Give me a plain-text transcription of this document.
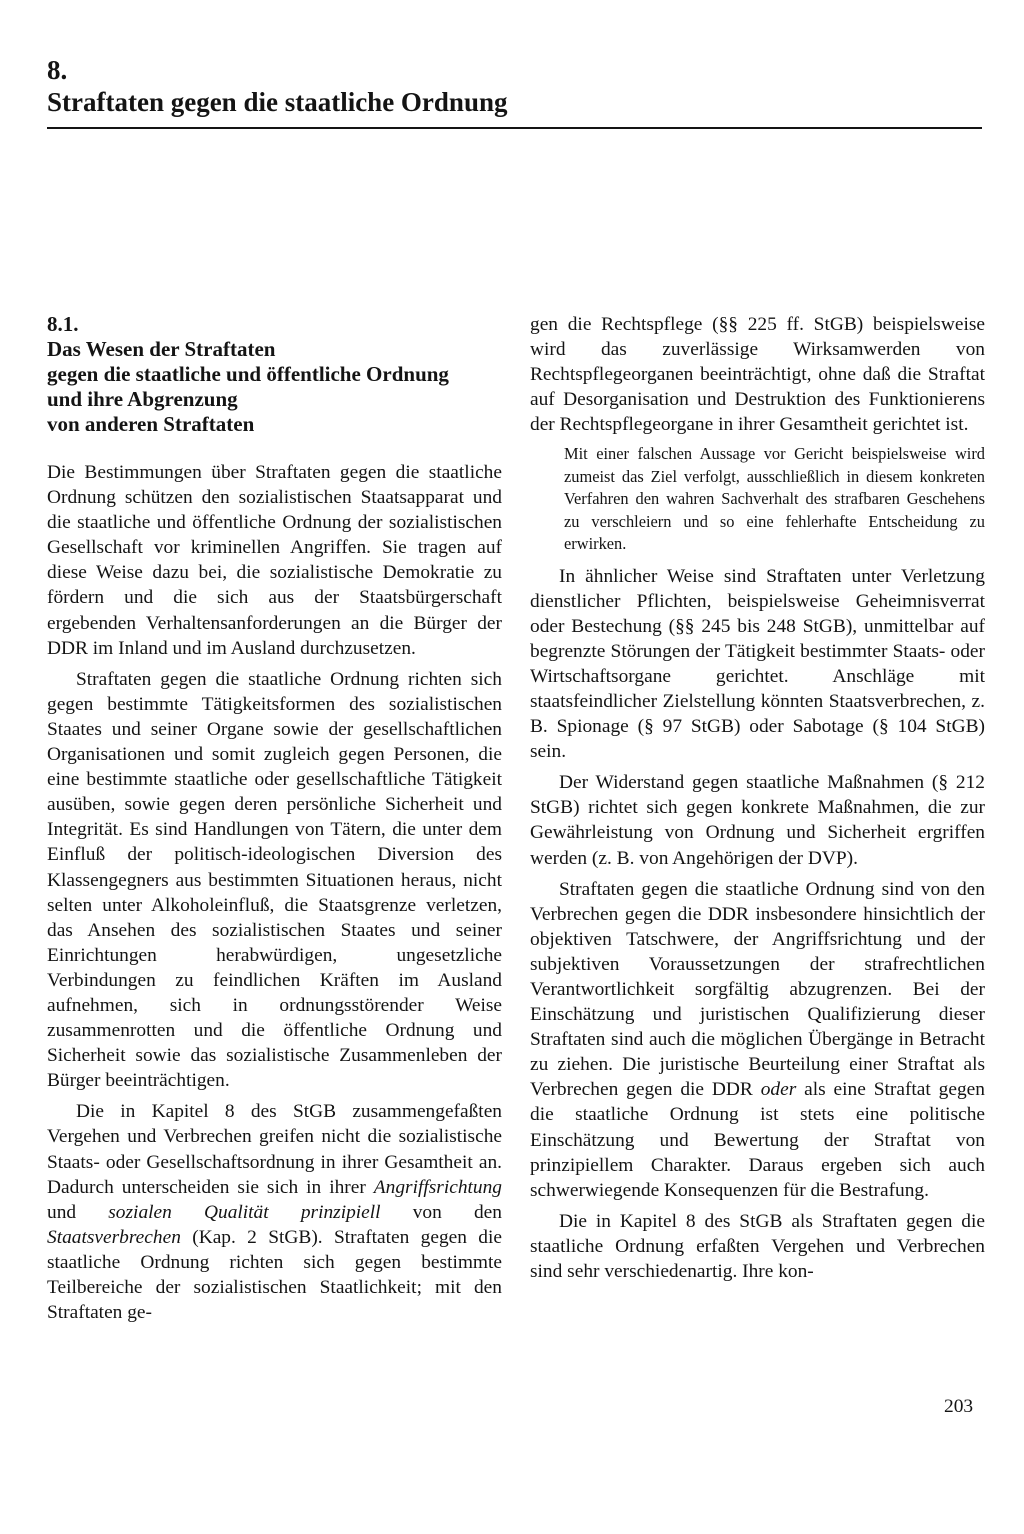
8.
Straftaten gegen die staatliche Ordnung
8.1.
Das Wesen der Straftaten
gegen die staatliche und öffentliche Ordnung
und ihre Abgrenzung
von anderen Straftaten

Die Bestimmungen über Straftaten gegen die staatliche Ordnung schützen den sozialistischen Staatsapparat und die staatliche und öffentliche Ordnung der sozialistischen Gesellschaft vor kriminellen Angriffen. Sie tragen auf diese Weise dazu bei, die sozialistische Demokratie zu fördern und die sich aus der Staatsbürgerschaft ergebenden Verhaltensanforderungen an die Bürger der DDR im Inland und im Ausland durchzusetzen.

Straftaten gegen die staatliche Ordnung richten sich gegen bestimmte Tätigkeitsformen des sozialistischen Staates und seiner Organe sowie der gesellschaftlichen Organisationen und somit zugleich gegen Personen, die eine bestimmte staatliche oder gesellschaftliche Tätigkeit ausüben, sowie gegen deren persönliche Sicherheit und Integrität. Es sind Handlungen von Tätern, die unter dem Einfluß der politisch-ideologischen Diversion des Klassengegners aus bestimmten Situationen heraus, nicht selten unter Alkoholeinfluß, die Staatsgrenze verletzen, das Ansehen des sozialistischen Staates und seiner Einrichtungen herabwürdigen, ungesetzliche Verbindungen zu feindlichen Kräften im Ausland aufnehmen, sich in ordnungsstörender Weise zusammenrotten und die öffentliche Ordnung und Sicherheit sowie das sozialistische Zusammenleben der Bürger beeinträchtigen.

Die in Kapitel 8 des StGB zusammengefaßten Vergehen und Verbrechen greifen nicht die sozialistische Staats- oder Gesellschaftsordnung in ihrer Gesamtheit an. Dadurch unterscheiden sie sich in ihrer Angriffsrichtung und sozialen Qualität prinzipiell von den Staatsverbrechen (Kap. 2 StGB). Straftaten gegen die staatliche Ordnung richten sich gegen bestimmte Teilbereiche der sozialistischen Staatlichkeit; mit den Straftaten ge-

gen die Rechtspflege (§§ 225 ff. StGB) beispielsweise wird das zuverlässige Wirksamwerden von Rechtspflegeorganen beeinträchtigt, ohne daß die Straftat auf Desorganisation und Destruktion des Funktionierens der Rechtspflegeorgane in ihrer Gesamtheit gerichtet ist.

Mit einer falschen Aussage vor Gericht beispielsweise wird zumeist das Ziel verfolgt, ausschließlich in diesem konkreten Verfahren den wahren Sachverhalt des strafbaren Geschehens zu verschleiern und so eine fehlerhafte Entscheidung zu erwirken.

In ähnlicher Weise sind Straftaten unter Verletzung dienstlicher Pflichten, beispielsweise Geheimnisverrat oder Bestechung (§§ 245 bis 248 StGB), unmittelbar auf begrenzte Störungen der Tätigkeit bestimmter Staats- oder Wirtschaftsorgane gerichtet. Anschläge mit staatsfeindlicher Zielstellung könnten Staatsverbrechen, z. B. Spionage (§ 97 StGB) oder Sabotage (§ 104 StGB) sein.

Der Widerstand gegen staatliche Maßnahmen (§ 212 StGB) richtet sich gegen konkrete Maßnahmen, die zur Gewährleistung von Ordnung und Sicherheit ergriffen werden (z. B. von Angehörigen der DVP).

Straftaten gegen die staatliche Ordnung sind von den Verbrechen gegen die DDR insbesondere hinsichtlich der objektiven Tatschwere, der Angriffsrichtung und der subjektiven Voraussetzungen der strafrechtlichen Verantwortlichkeit sorgfältig abzugrenzen. Bei der Einschätzung und juristischen Qualifizierung dieser Straftaten sind auch die möglichen Übergänge in Betracht zu ziehen. Die juristische Beurteilung einer Straftat als Verbrechen gegen die DDR oder als eine Straftat gegen die staatliche Ordnung ist stets eine politische Einschätzung und Bewertung der Straftat von prinzipiellem Charakter. Daraus ergeben sich auch schwerwiegende Konsequenzen für die Bestrafung.

Die in Kapitel 8 des StGB als Straftaten gegen die staatliche Ordnung erfaßten Vergehen und Verbrechen sind sehr verschiedenartig. Ihre kon-

203
